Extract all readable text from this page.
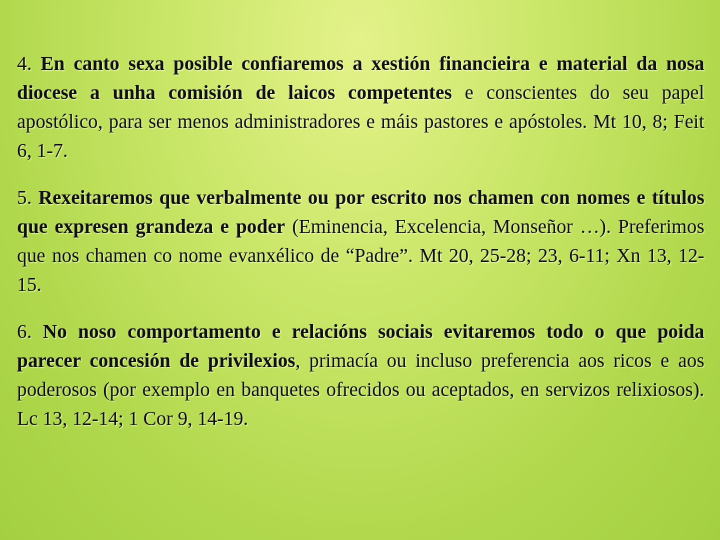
4. En canto sexa posible confiaremos a xestión financieira e material da nosa diocese a unha comisión de laicos competentes e conscientes do seu papel apostólico, para ser menos administradores e máis pastores e apóstoles. Mt 10, 8; Feit 6, 1-7.

5. Rexeitaremos que verbalmente ou por escrito nos chamen con nomes e títulos que expresen grandeza e poder (Eminencia, Excelencia, Monseñor …). Preferimos que nos chamen co nome evanxélico de “Padre”. Mt 20, 25-28; 23, 6-11; Xn 13, 12-15.

6. No noso comportamento e relacións sociais evitaremos todo o que poida parecer concesión de privilexios, primacía ou incluso preferencia aos ricos e aos poderosos (por exemplo en banquetes ofrecidos ou aceptados, en servizos relixiosos). Lc 13, 12-14; 1 Cor 9, 14-19.
